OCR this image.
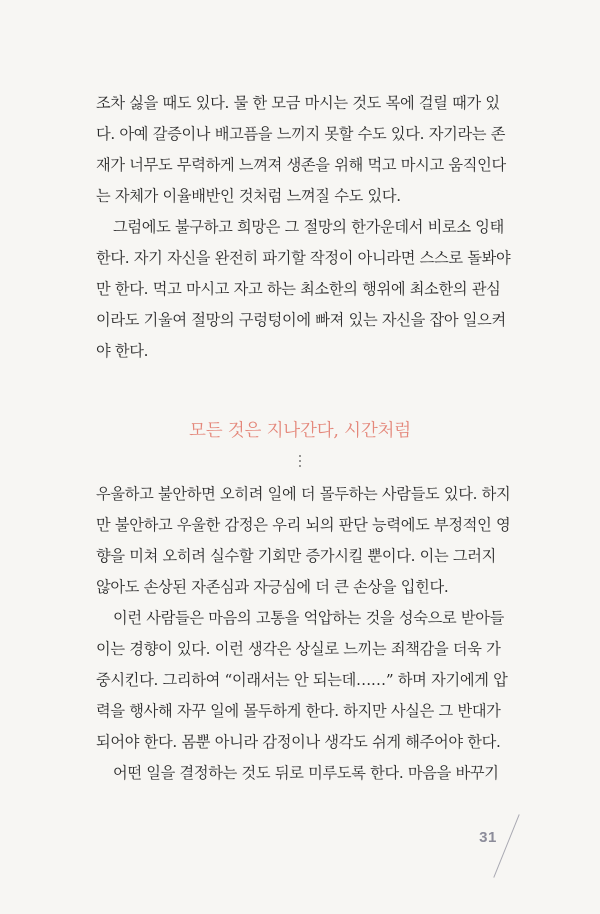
조차 싫을 때도 있다. 물 한 모금 마시는 것도 목에 걸릴 때가 있
다. 아예 갈증이나 배고픔을 느끼지 못할 수도 있다. 자기라는 존
재가 너무도 무력하게 느껴져 생존을 위해 먹고 마시고 움직인다
는 자체가 이율배반인 것처럼 느껴질 수도 있다.
그럼에도 불구하고 희망은 그 절망의 한가운데서 비로소 잉태
한다. 자기 자신을 완전히 파기할 작정이 아니라면 스스로 돌봐야
만 한다. 먹고 마시고 자고 하는 최소한의 행위에 최소한의 관심
이라도 기울여 절망의 구렁텅이에 빠져 있는 자신을 잡아 일으켜
야 한다.
모든 것은 지나간다, 시간처럼
우울하고 불안하면 오히려 일에 더 몰두하는 사람들도 있다. 하지
만 불안하고 우울한 감정은 우리 뇌의 판단 능력에도 부정적인 영
향을 미쳐 오히려 실수할 기회만 증가시킬 뿐이다. 이는 그러지
않아도 손상된 자존심과 자긍심에 더 큰 손상을 입힌다.
이런 사람들은 마음의 고통을 억압하는 것을 성숙으로 받아들
이는 경향이 있다. 이런 생각은 상실로 느끼는 죄책감을 더욱 가
중시킨다. 그리하여 “이래서는 안 되는데……” 하며 자기에게 압
력을 행사해 자꾸 일에 몰두하게 한다. 하지만 사실은 그 반대가
되어야 한다. 몸뿐 아니라 감정이나 생각도 쉬게 해주어야 한다.
어떤 일을 결정하는 것도 뒤로 미루도록 한다. 마음을 바꾸기
31
